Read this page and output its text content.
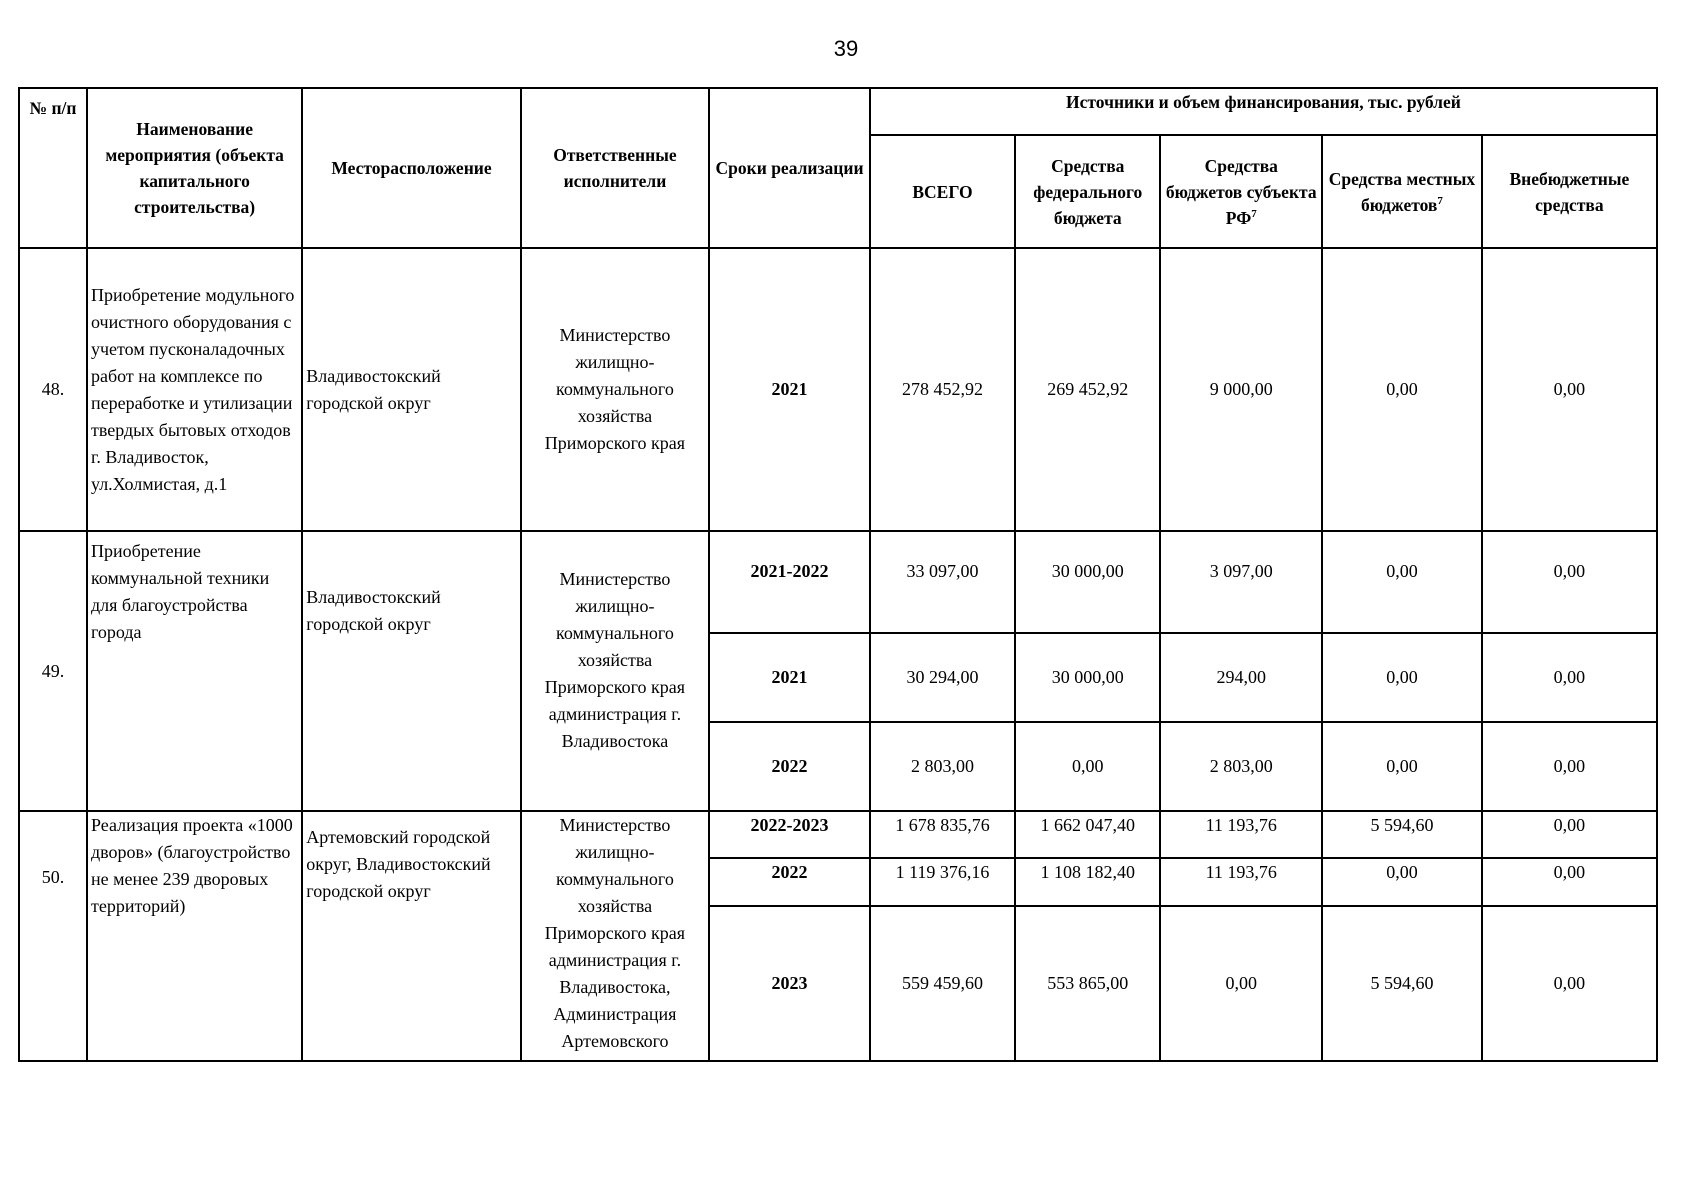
39
№ п/п	Наименование мероприятия (объекта капитального строительства)	Месторасположение	Ответственные исполнители	Сроки реализации	Источники и объем финансирования, тыс. рублей				
					ВСЕГО	Средства федерального бюджета	Средства бюджетов субъекта $РФ^7$	Средства местных бюджетов$^7$	Внебюджетные средства
48.	Приобретение модульного очистного оборудования с учетом пусконаладочных работ на комплексе по переработке и утилизации твердых бытовых отходов г. Владивосток, ул.Холмистая, д.1	Владивостокский городской округ	Министерство жилищно-коммунального хозяйства Приморского края	2021	278 452,92	269 452,92	9 000,00	0,00	0,00
49.	Приобретение коммунальной техники для благоустройства города	Владивостокский городской округ	Министерство жилищно-коммунального хозяйства Приморского края администрация г. Владивостока	2021-2022	33 097,00	30 000,00	3 097,00	0,00	0,00
				2021	30 294,00	30 000,00	294,00	0,00	0,00
				2022	2 803,00	0,00	2 803,00	0,00	0,00
50.	Реализация проекта «1000 дворов» (благоустройство не менее 239 дворовых территорий)	Артемовский городской округ, Владивостокский городской округ	Министерство жилищно-коммунального хозяйства Приморского края администрация г. Владивостока, Администрация Артемовского	2022-2023	1 678 835,76	1 662 047,40	11 193,76	5 594,60	0,00
				2022	1 119 376,16	1 108 182,40	11 193,76	0,00	0,00
				2023	559 459,60	553 865,00	0,00	5 594,60	0,00
